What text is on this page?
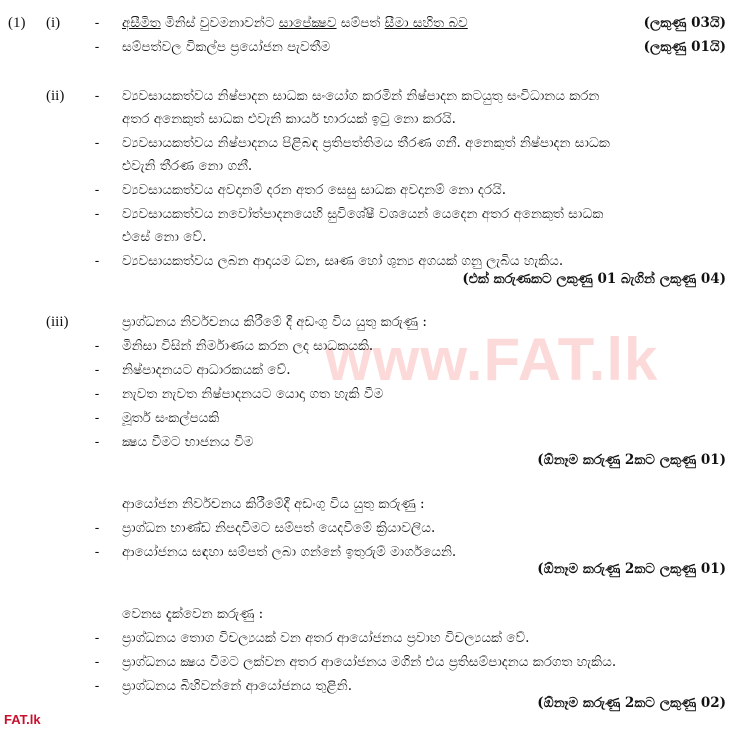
www.FAT.lk
(1) (i)	- අසීමිත මිනිස් වුවමනාවන්ට සාපේක්‍ෂව සම්පත් සීමා සහිත බව	(ලකුණු 03යි)
- සම්පත්වල විකල්ප ප්‍රයෝජන පැවතීම	(ලකුණු 01යි)
(ii) - ව්‍යවසායකත්වය නිෂ්පාදන සාධක සංයෝග කරමින් නිෂ්පාදන කටයුතු සංවිධානය කරන
අතර අනෙකුත් සාධක එවැනි කාර්ය භාරයක් ඉටු නො කරයි.
- ව්‍යවසායකත්වය නිෂ්පාදනය පිළිබඳ ප්‍රතිපත්තිමය තීරණ ගනී. අනෙකුත් නිෂ්පාදන සාධක
එවැනි තීරණ නො ගනී.
- ව්‍යවසායකත්වය අවදානම් දරන අතර සෙසු සාධක අවදානම් නො දරයි.
- ව්‍යවසායකත්වය නවෝත්පාදනයෙහි සුවිශේෂී වශයෙන් යෙදෙන අතර අනෙකුත් සාධක
එසේ නො වේ.
- ව්‍යවසායකත්වය ලබන ආදායම ධන, සෘණ හෝ ශුන්‍ය අගයක් ගනු ලැබිය හැකිය.
(එක් කරුණකට ලකුණු 01 බැගින් ලකුණු 04)
(iii)	ප්‍රාග්ධනය නිර්වචනය කිරීමේ දී අඩංගු විය යුතු කරුණු :
- මිනිසා විසින් නිර්මාණය කරන ලද සාධකයකි.
- නිෂ්පාදනයට ආධාරකයක් වේ.
- නැවත නැවත නිෂ්පාදනයට යොදා ගත හැකි වීම
- මූර්ත සංකල්පයකි
- ක්‍ෂය වීමට භාජනය වීම
(ඕනෑම කරුණු 2කට ලකුණු 01)
ආයෝජන නිර්වචනය කිරීමේදී අඩංගු විය යුතු කරුණු :
- ප්‍රාග්ධන භාණ්ඩ නිපදවීමට සම්පත් යෙදවීමේ ක්‍රියාවලිය.
- ආයෝජනය සඳහා සම්පත් ලබා ගන්නේ ඉතුරුම් මාර්ගයෙනි.
(ඕනෑම කරුණු 2කට ලකුණු 01)
වෙනස දැක්වෙන කරුණු :
- ප්‍රාග්ධනය තොග විචල්‍යයක් වන අතර ආයෝජනය ප්‍රවාහ විචල්‍යයක් වේ.
- ප්‍රාග්ධනය ක්‍ෂය වීමට ලක්වන අතර ආයෝජනය මගින් එය ප්‍රතිසම්පාදනය කරගත හැකිය.
- ප්‍රාග්ධනය බිහිවන්නේ ආයෝජනය තුළිනි.
(ඕනෑම කරුණු 2කට ලකුණු 02)
FAT.lk
